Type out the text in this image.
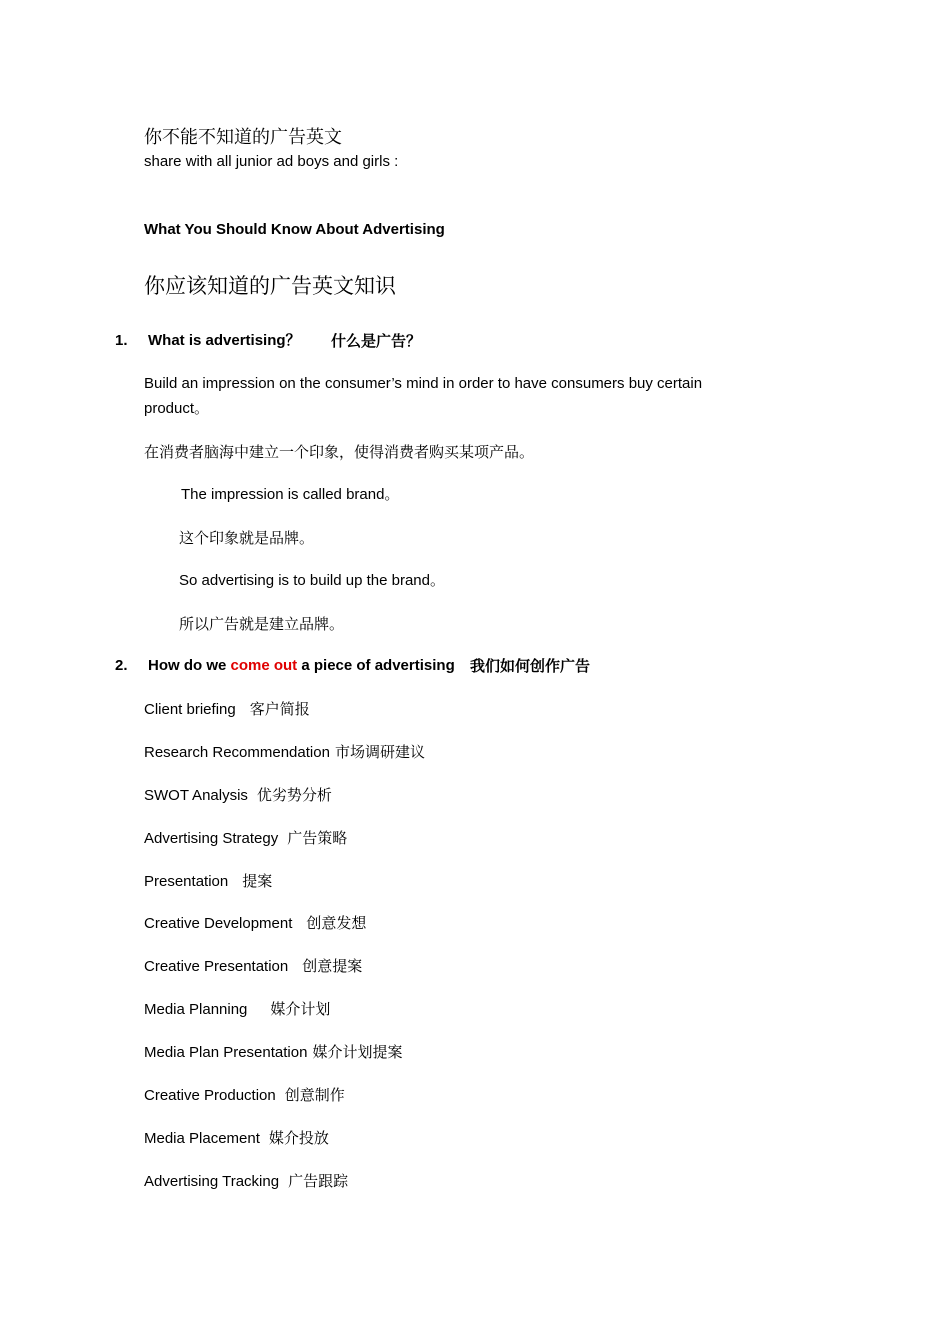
你不能不知道的广告英文
share with all junior ad boys and girls :
What You Should Know About Advertising
你应该知道的广告英文知识
1. What is advertising？ 什么是广告？
Build an impression on the consumer’s mind in order to have consumers buy certain
product。
在消费者脑海中建立一个印象，使得消费者购买某项产品。
The impression is called brand。
这个印象就是品牌。
So advertising is to build up the brand。
所以广告就是建立品牌。
2. How do we come out a piece of advertising 我们如何创作广告
Client briefing 客户简报
Research Recommendation 市场调研建议
SWOT Analysis 优劣势分析
Advertising Strategy 广告策略
Presentation 提案
Creative Development 创意发想
Creative Presentation 创意提案
Media Planning 媒介计划
Media Plan Presentation 媒介计划提案
Creative Production 创意制作
Media Placement 媒介投放
Advertising Tracking 广告跟踪
